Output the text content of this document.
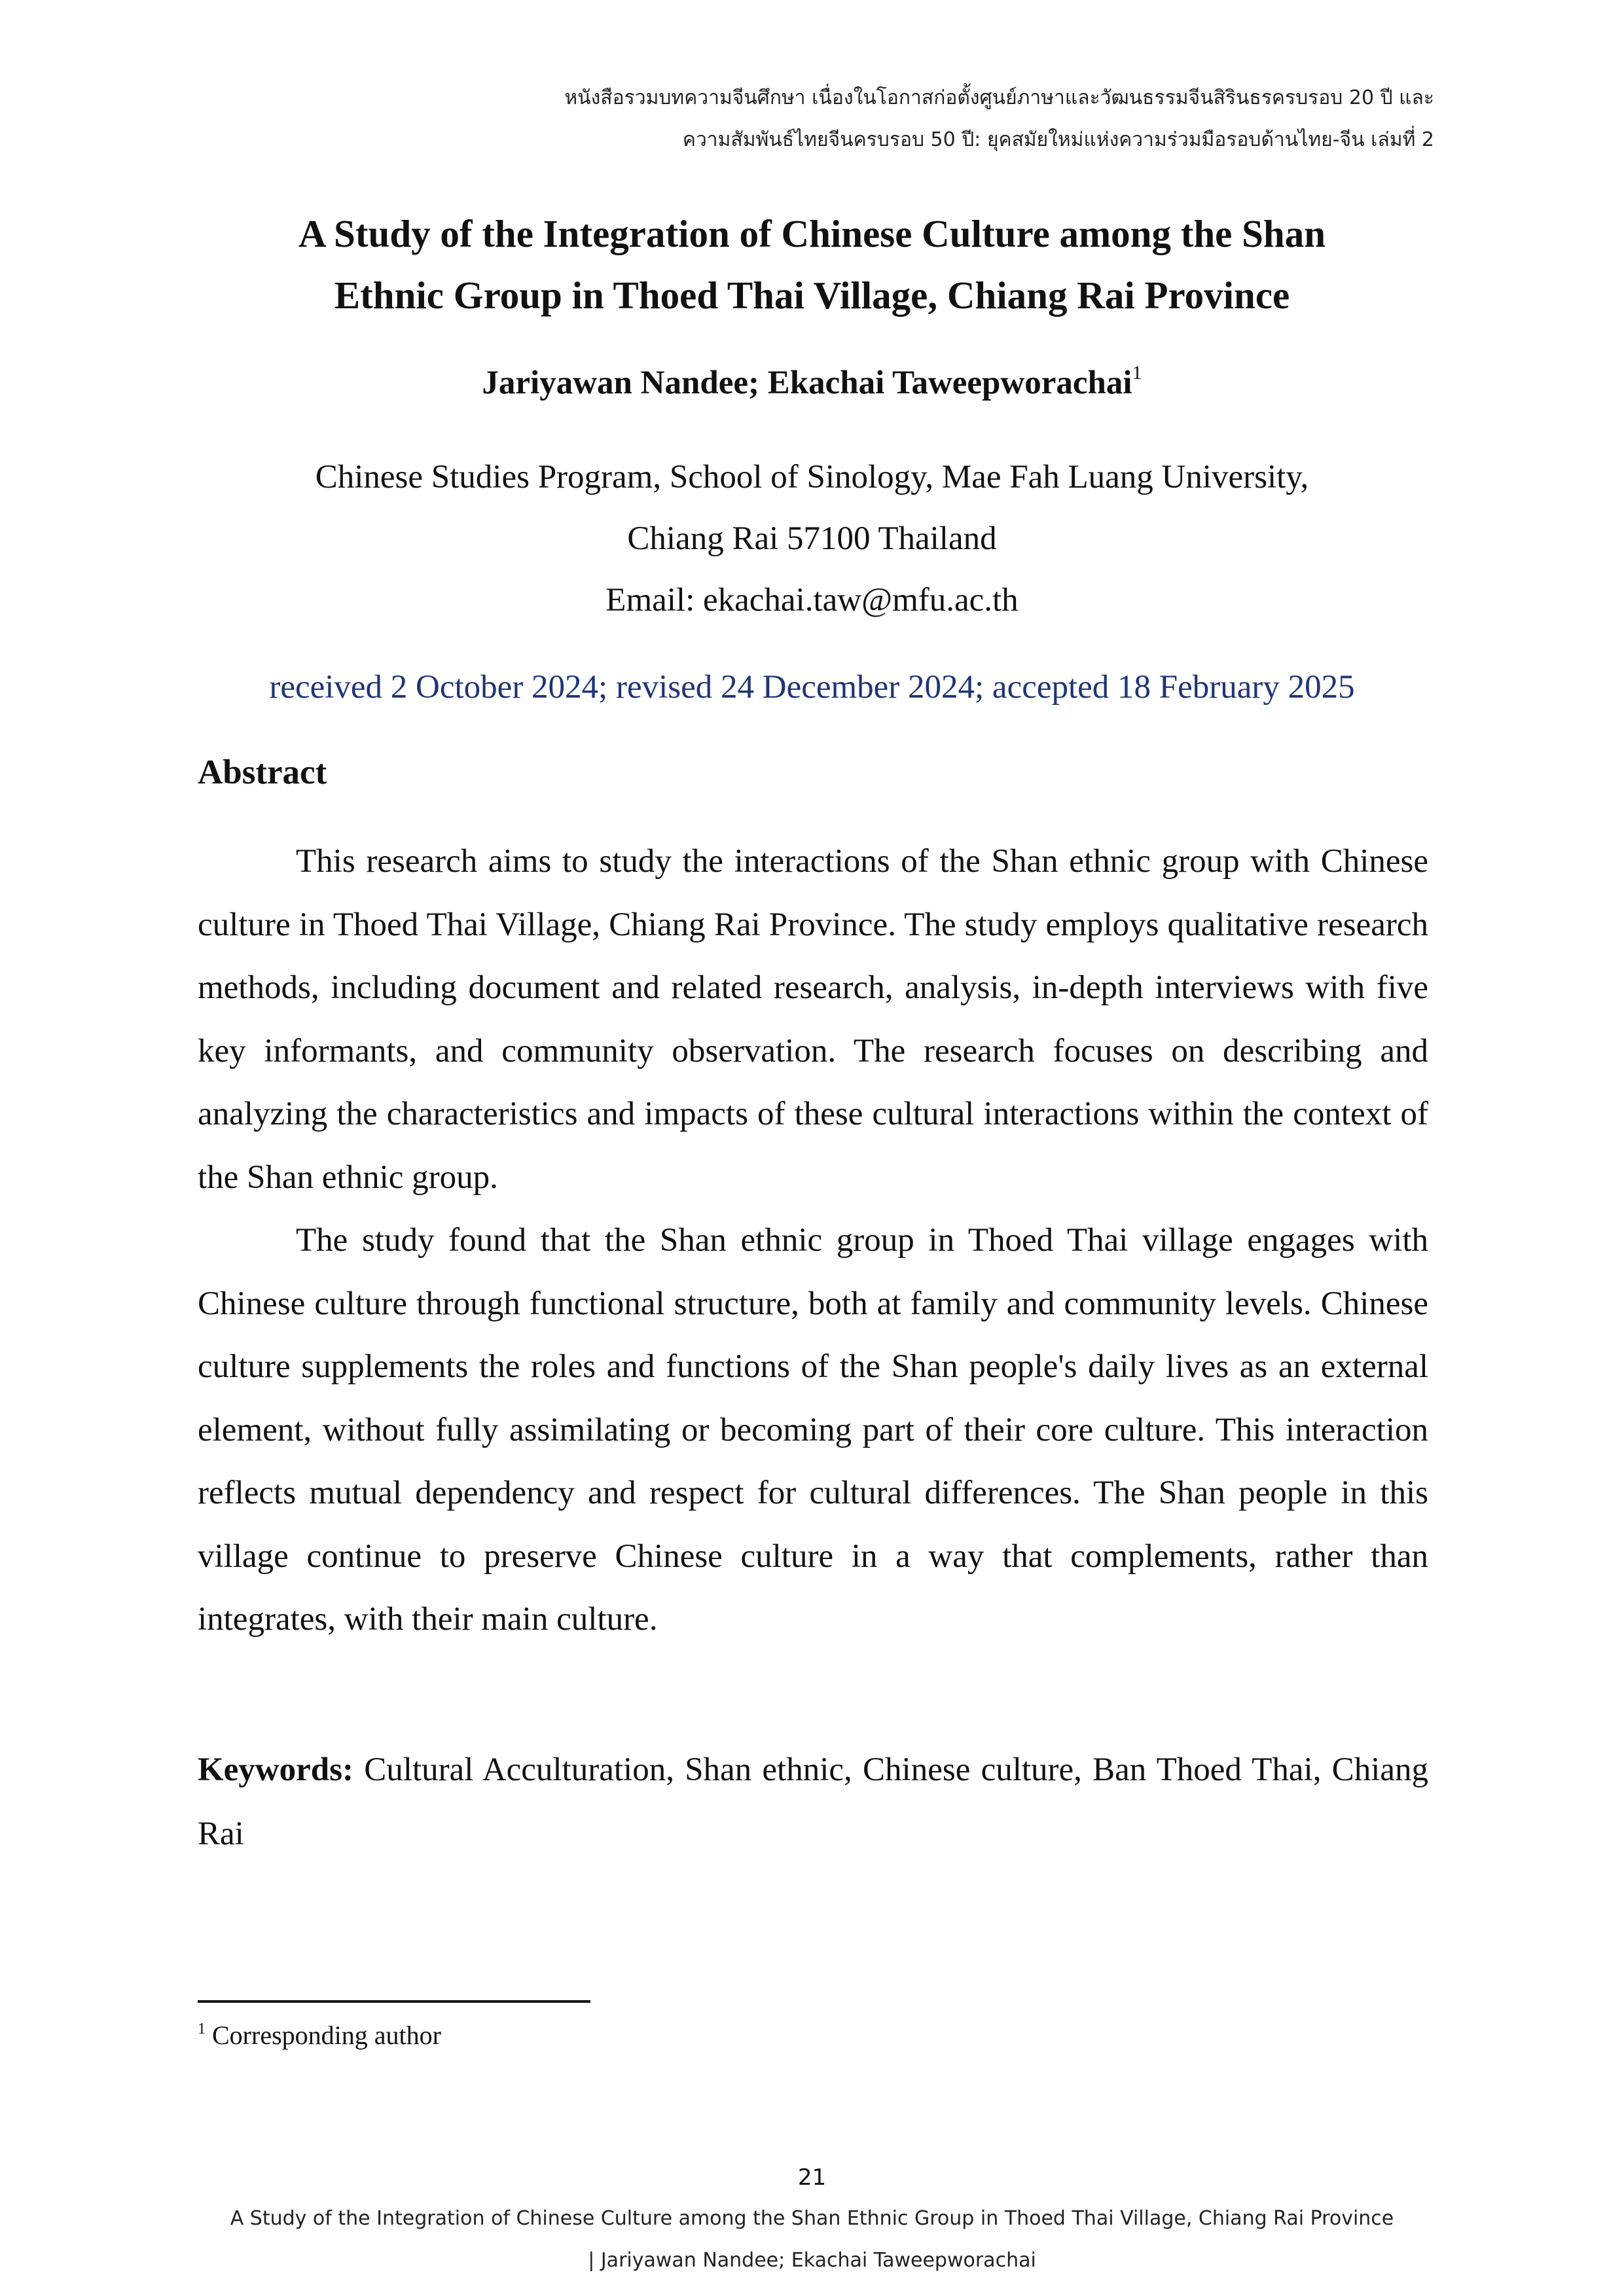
หนังสือรวมบทความจีนศึกษา เนื่องในโอกาสก่อตั้งศูนย์ภาษาและวัฒนธรรมจีนสิรินธรครบรอบ 20 ปี และ
ความสัมพันธ์ไทยจีนครบรอบ 50 ปี: ยุคสมัยใหม่แห่งความร่วมมือรอบด้านไทย-จีน เล่มที่ 2
A Study of the Integration of Chinese Culture among the Shan
Ethnic Group in Thoed Thai Village, Chiang Rai Province
Jariyawan Nandee; Ekachai Taweepworachai$^1$
Chinese Studies Program, School of Sinology, Mae Fah Luang University,
Chiang Rai 57100 Thailand
Email: ekachai.taw@mfu.ac.th
received 2 October 2024; revised 24 December 2024; accepted 18 February 2025
Abstract

This research aims to study the interactions of the Shan ethnic group with Chinese culture in Thoed Thai Village, Chiang Rai Province. The study employs qualitative research methods, including document and related research, analysis, in-depth interviews with five key informants, and community observation. The research focuses on describing and analyzing the characteristics and impacts of these cultural interactions within the context of the Shan ethnic group.

The study found that the Shan ethnic group in Thoed Thai village engages with Chinese culture through functional structure, both at family and community levels. Chinese culture supplements the roles and functions of the Shan people's daily lives as an external element, without fully assimilating or becoming part of their core culture. This interaction reflects mutual dependency and respect for cultural differences. The Shan people in this village continue to preserve Chinese culture in a way that complements, rather than integrates, with their main culture.

Keywords: Cultural Acculturation, Shan ethnic, Chinese culture, Ban Thoed Thai, Chiang Rai
$^1$ Corresponding author
21
A Study of the Integration of Chinese Culture among the Shan Ethnic Group in Thoed Thai Village, Chiang Rai Province
| Jariyawan Nandee; Ekachai Taweepworachai
